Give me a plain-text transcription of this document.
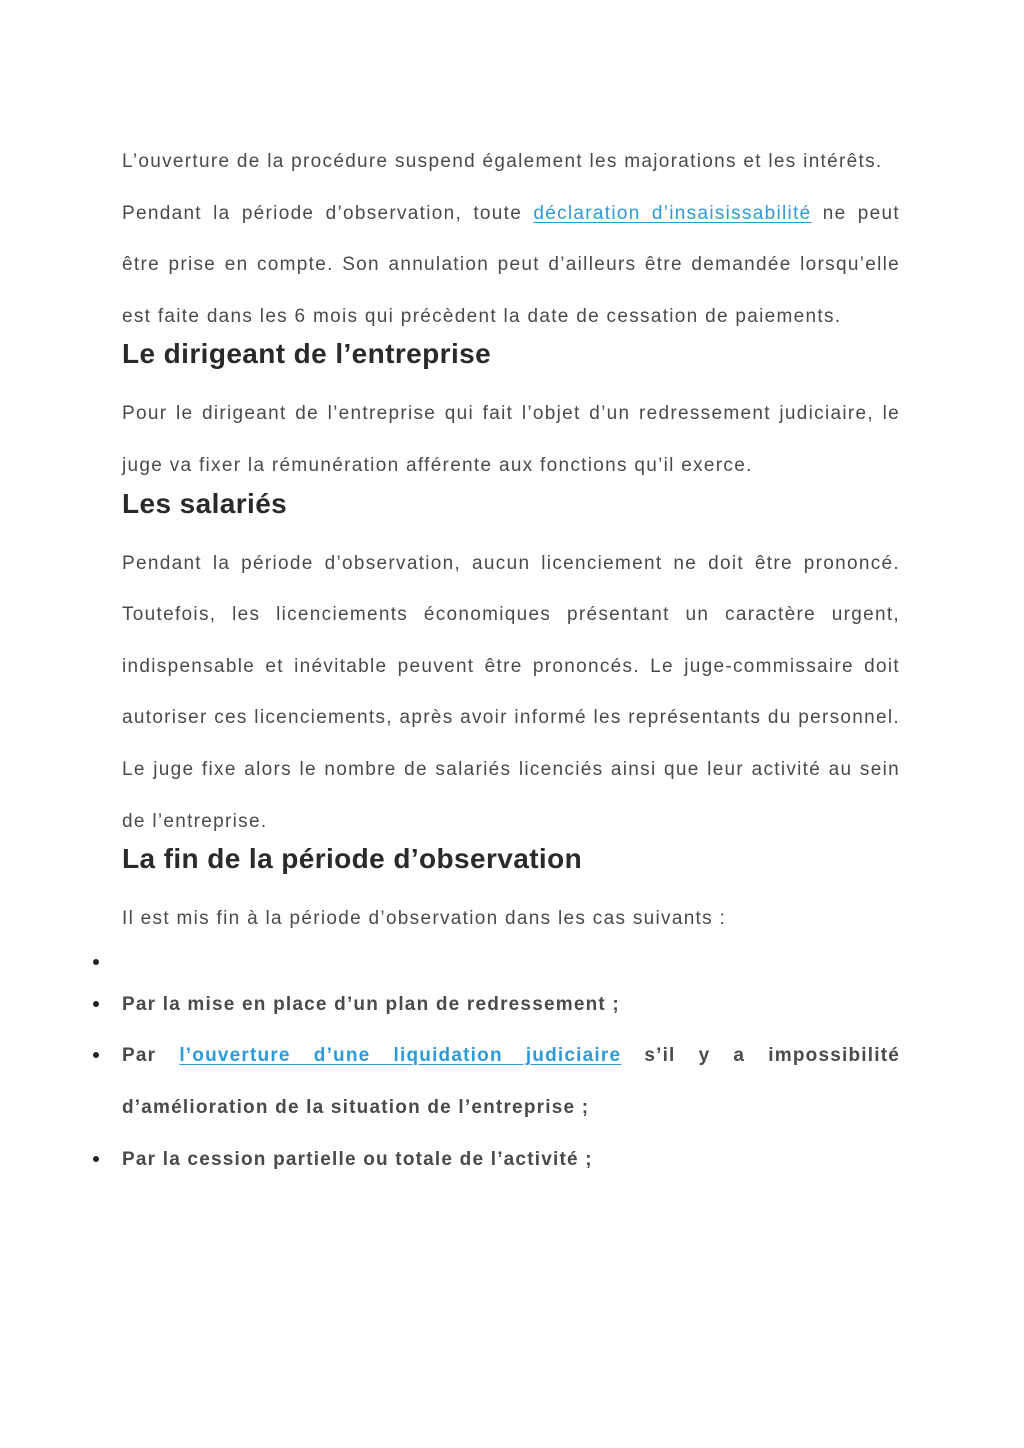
L’ouverture de la procédure suspend également les majorations et les intérêts.

Pendant la période d’observation, toute déclaration d’insaisissabilité ne peut être prise en compte. Son annulation peut d’ailleurs être demandée lorsqu’elle est faite dans les 6 mois qui précèdent la date de cessation de paiements.

Le dirigeant de l’entreprise

Pour le dirigeant de l’entreprise qui fait l’objet d’un redressement judiciaire, le juge va fixer la rémunération afférente aux fonctions qu’il exerce.

Les salariés

Pendant la période d’observation, aucun licenciement ne doit être prononcé. Toutefois, les licenciements économiques présentant un caractère urgent, indispensable et inévitable peuvent être prononcés. Le juge-commissaire doit autoriser ces licenciements, après avoir informé les représentants du personnel. Le juge fixe alors le nombre de salariés licenciés ainsi que leur activité au sein de l’entreprise.

La fin de la période d’observation

Il est mis fin à la période d’observation dans les cas suivants :

Par la mise en place d’un plan de redressement ;
Par l’ouverture d’une liquidation judiciaire s’il y a impossibilité d’amélioration de la situation de l’entreprise ;
Par la cession partielle ou totale de l’activité ;
